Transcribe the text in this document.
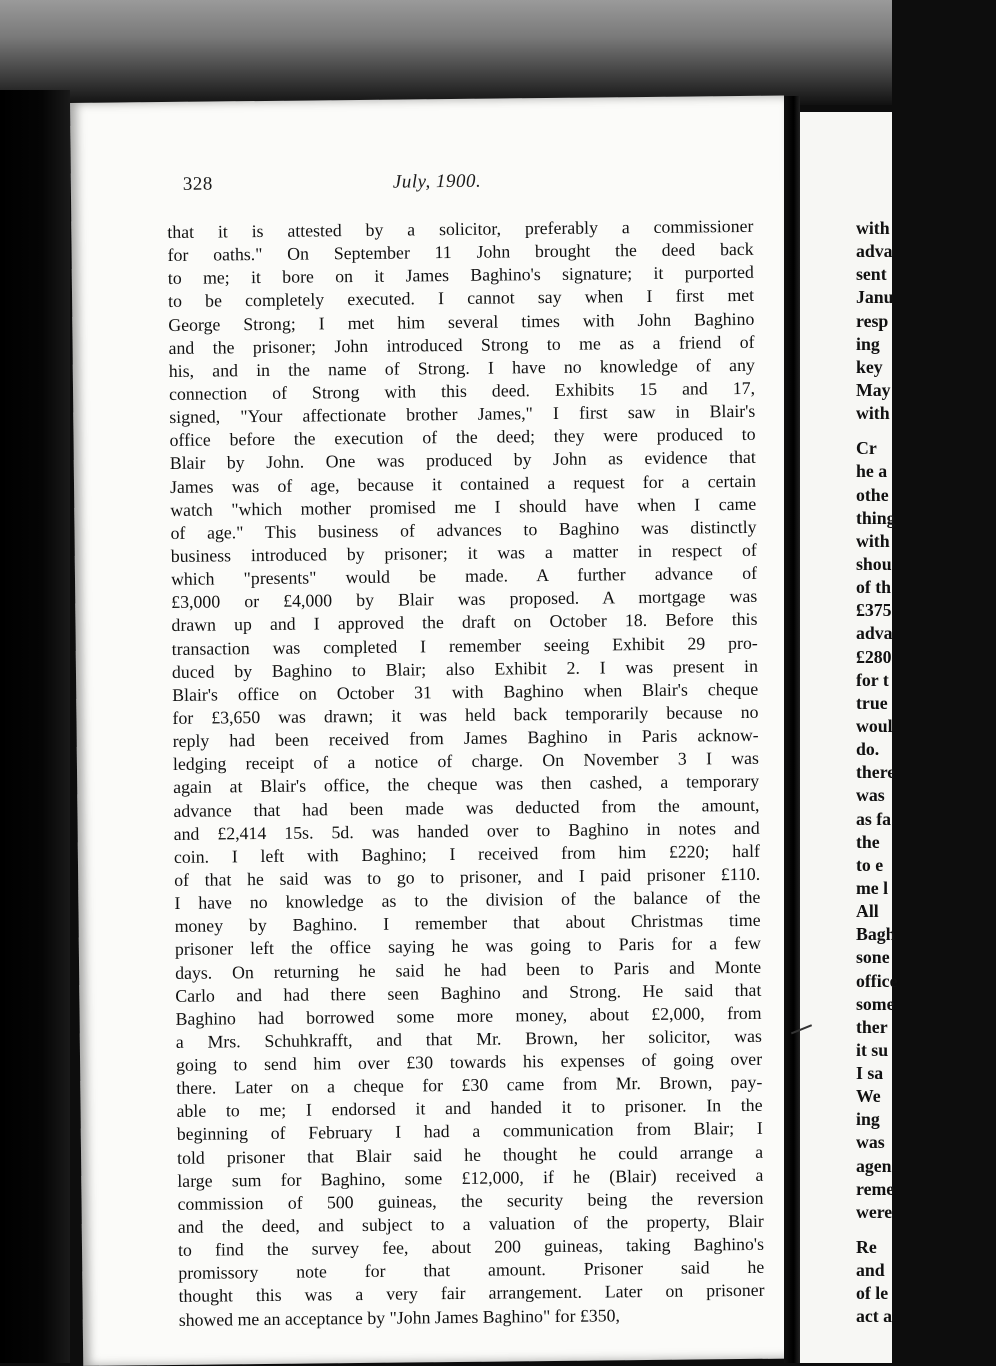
328	July, 1900.
that it is attested by a solicitor, preferably a commissioner
for oaths." On September 11 John brought the deed back
to me; it bore on it James Baghino's signature; it purported
to be completely executed. I cannot say when I first met
George Strong; I met him several times with John Baghino
and the prisoner; John introduced Strong to me as a friend of
his, and in the name of Strong. I have no knowledge of any
connection of Strong with this deed. Exhibits 15 and 17,
signed, "Your affectionate brother James," I first saw in Blair's
office before the execution of the deed; they were produced to
Blair by John. One was produced by John as evidence that
James was of age, because it contained a request for a certain
watch "which mother promised me I should have when I came
of age." This business of advances to Baghino was distinctly
business introduced by prisoner; it was a matter in respect of
which "presents" would be made. A further advance of
£3,000 or £4,000 by Blair was proposed. A mortgage was
drawn up and I approved the draft on October 18. Before this
transaction was completed I remember seeing Exhibit 29 pro-
duced by Baghino to Blair; also Exhibit 2. I was present in
Blair's office on October 31 with Baghino when Blair's cheque
for £3,650 was drawn; it was held back temporarily because no
reply had been received from James Baghino in Paris acknow-
ledging receipt of a notice of charge. On November 3 I was
again at Blair's office, the cheque was then cashed, a temporary
advance that had been made was deducted from the amount,
and £2,414 15s. 5d. was handed over to Baghino in notes and
coin. I left with Baghino; I received from him £220; half
of that he said was to go to prisoner, and I paid prisoner £110.
I have no knowledge as to the division of the balance of the
money by Baghino. I remember that about Christmas time
prisoner left the office saying he was going to Paris for a few
days. On returning he said he had been to Paris and Monte
Carlo and had there seen Baghino and Strong. He said that
Baghino had borrowed some more money, about £2,000, from
a Mrs. Schuhkrafft, and that Mr. Brown, her solicitor, was
going to send him over £30 towards his expenses of going over
there. Later on a cheque for £30 came from Mr. Brown, pay-
able to me; I endorsed it and handed it to prisoner. In the
beginning of February I had a communication from Blair; I
told prisoner that Blair said he thought he could arrange a
large sum for Baghino, some £12,000, if he (Blair) received a
commission of 500 guineas, the security being the reversion
and the deed, and subject to a valuation of the property, Blair
to find the survey fee, about 200 guineas, taking Baghino's
promissory note for that amount. Prisoner said he
thought this was a very fair arrangement. Later on prisoner
showed me an acceptance by "John James Baghino" for £350,
with
adva
sent
Janu
resp
ing
key
May
with
Cr
he a
othe
thing
with
shou
of th
£375
adva
£280
for t
true
woul
do.
there
was
as fa
the
to e
me l
All
Bagh
sone
office
some
ther
it su
I sa
We
ing
was
agen
reme
were
Re
and
of le
act a
